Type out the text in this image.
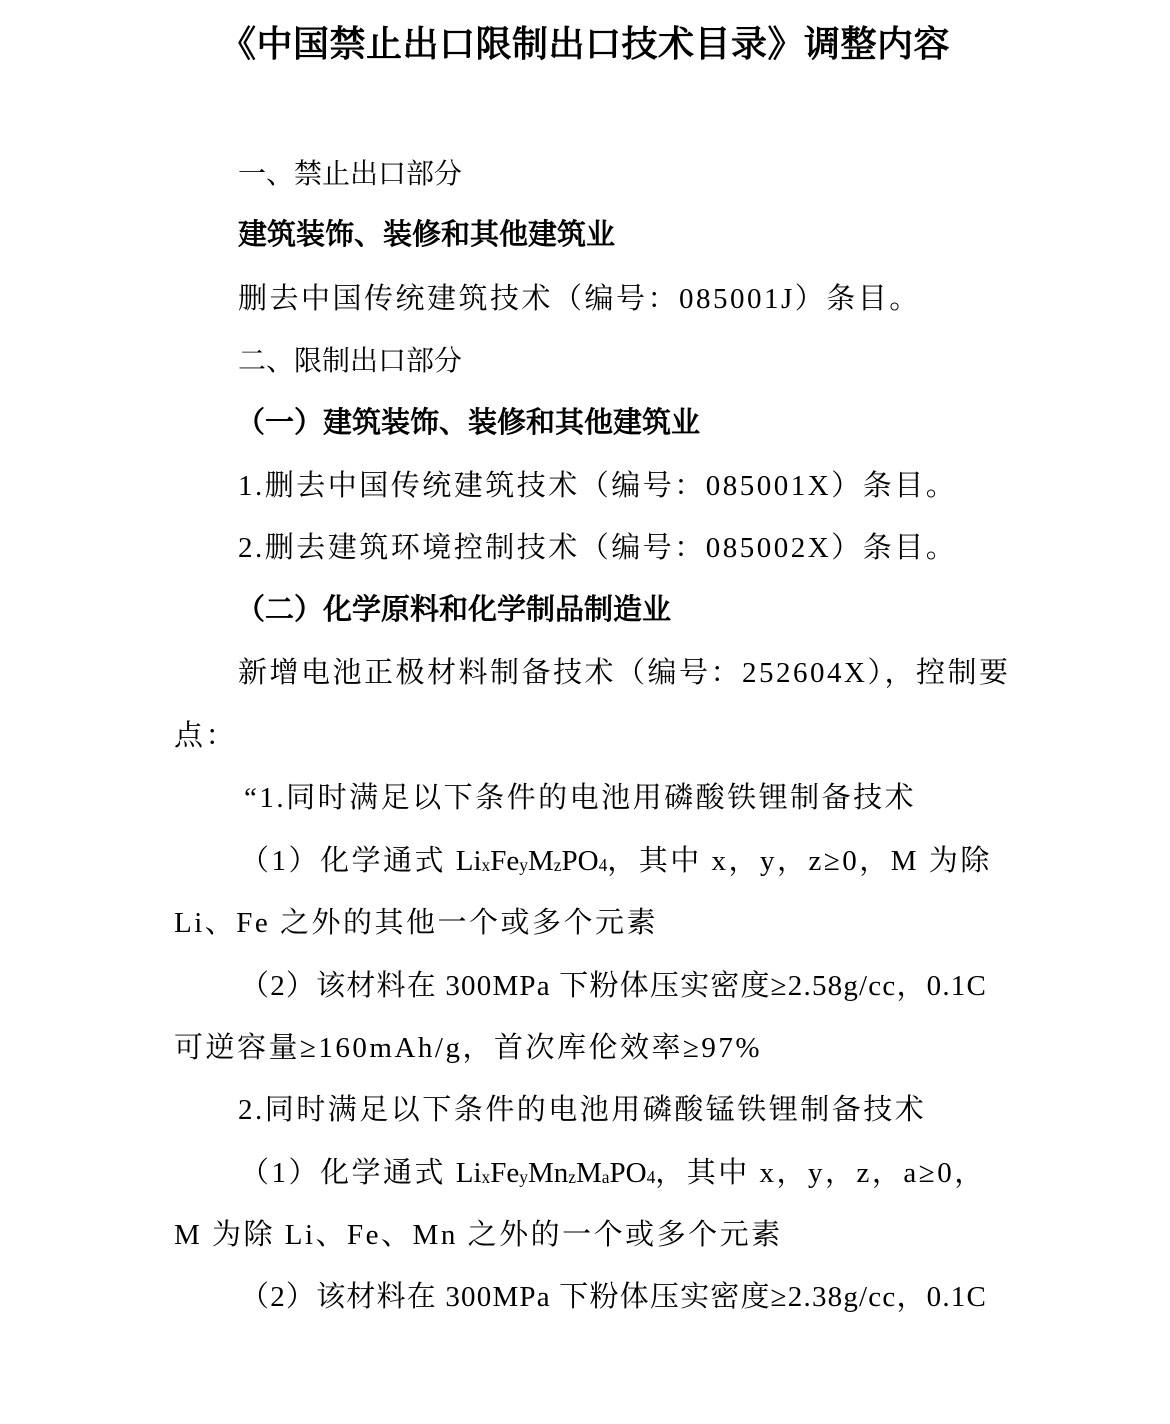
《中国禁止出口限制出口技术目录》调整内容

一、禁止出口部分

建筑装饰、装修和其他建筑业

删去中国传统建筑技术（编号：085001J）条目。

二、限制出口部分

（一）建筑装饰、装修和其他建筑业

1.删去中国传统建筑技术（编号：085001X）条目。

2.删去建筑环境控制技术（编号：085002X）条目。

（二）化学原料和化学制品制造业

新增电池正极材料制备技术（编号：252604X），控制要

点：

“1.同时满足以下条件的电池用磷酸铁锂制备技术

（1）化学通式 $Li_xFe_yM_zPO_4$，其中 x，y，z≥0，M 为除

Li、Fe 之外的其他一个或多个元素

（2）该材料在 300MPa 下粉体压实密度≥2.58g/cc，0.1C

可逆容量≥160mAh/g，首次库伦效率≥97%

2.同时满足以下条件的电池用磷酸锰铁锂制备技术

（1）化学通式 $Li_xFe_yMn_zM_aPO_4$，其中 x，y，z，a≥0，

M 为除 Li、Fe、Mn 之外的一个或多个元素

（2）该材料在 300MPa 下粉体压实密度≥2.38g/cc，0.1C
